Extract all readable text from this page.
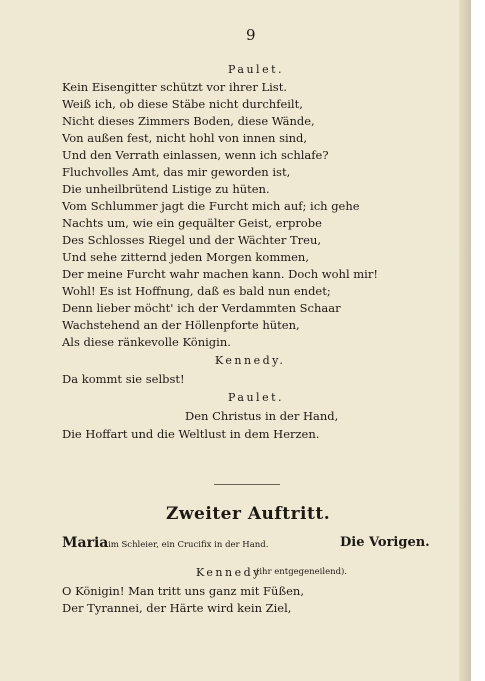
9
Paulet.
Kein Eisengitter schützt vor ihrer List.
Weiß ich, ob diese Stäbe nicht durchfeilt,
Nicht dieses Zimmers Boden, diese Wände,
Von außen fest, nicht hohl von innen sind,
Und den Verrath einlassen, wenn ich schlafe?
Fluchvolles Amt, das mir geworden ist,
Die unheilbrütend Listige zu hüten.
Vom Schlummer jagt die Furcht mich auf; ich gehe
Nachts um, wie ein gequälter Geist, erprobe
Des Schlosses Riegel und der Wächter Treu,
Und sehe zitternd jeden Morgen kommen,
Der meine Furcht wahr machen kann. Doch wohl mir!
Wohl! Es ist Hoffnung, daß es bald nun endet;
Denn lieber möcht' ich der Verdammten Schaar
Wachstehend an der Höllenpforte hüten,
Als diese ränkevolle Königin.
Kennedy.
Da kommt sie selbst!
Paulet.
Den Christus in der Hand,
Die Hoffart und die Weltlust in dem Herzen.
Zweiter Auftritt.
Maria im Schleier, ein Crucifix in der Hand.	Die Vorigen.
Kennedy
(ihr entgegeneilend).
O Königin! Man tritt uns ganz mit Füßen,
Der Tyrannei, der Härte wird kein Ziel,
